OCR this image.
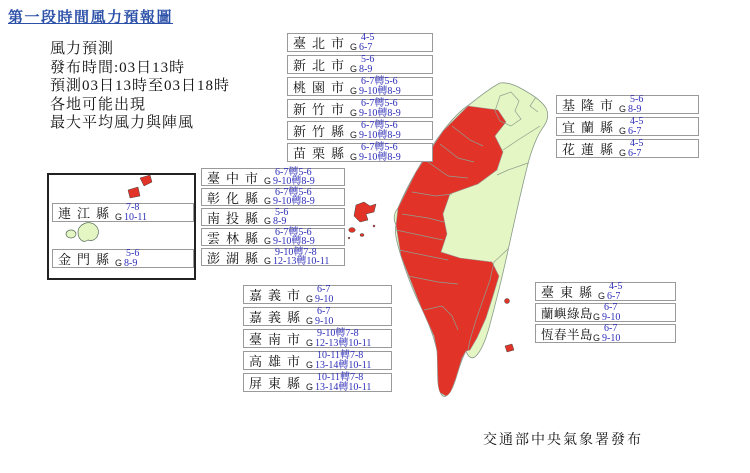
第一段時間風力預報圖
風力預測
發布時間:03日13時
預測03日13時至03日18時
各地可能出現
最大平均風力與陣風
臺北市 4-5
G 6-7
新北市 5-6
G 8-9
桃園市 6-7轉5-6
G 9-10轉8-9
新竹市 6-7轉5-6
G 9-10轉8-9
新竹縣 6-7轉5-6
G 9-10轉8-9
苗栗縣 6-7轉5-6
G 9-10轉8-9
基隆市 5-6
G 8-9
宜蘭縣 4-5
G 6-7
花蓮縣 4-5
G 6-7
臺中市 6-7轉5-6
G 9-10轉8-9
彰化縣 6-7轉5-6
G 9-10轉8-9
南投縣 5-6
G 8-9
雲林縣 6-7轉5-6
G 9-10轉8-9
澎湖縣 9-10轉7-8
G 12-13轉10-11
嘉義市 6-7
G 9-10
嘉義縣 6-7
G 9-10
臺南市 9-10轉7-8
G 12-13轉10-11
高雄市 10-11轉7-8
G 13-14轉10-11
屏東縣 10-11轉7-8
G 13-14轉10-11
臺東縣 4-5
G 6-7
蘭嶼綠島 6-7
G 9-10
恆春半島 6-7
G 9-10
連江縣 7-8
G 10-11
金門縣 5-6
G 8-9
交通部中央氣象署發布
